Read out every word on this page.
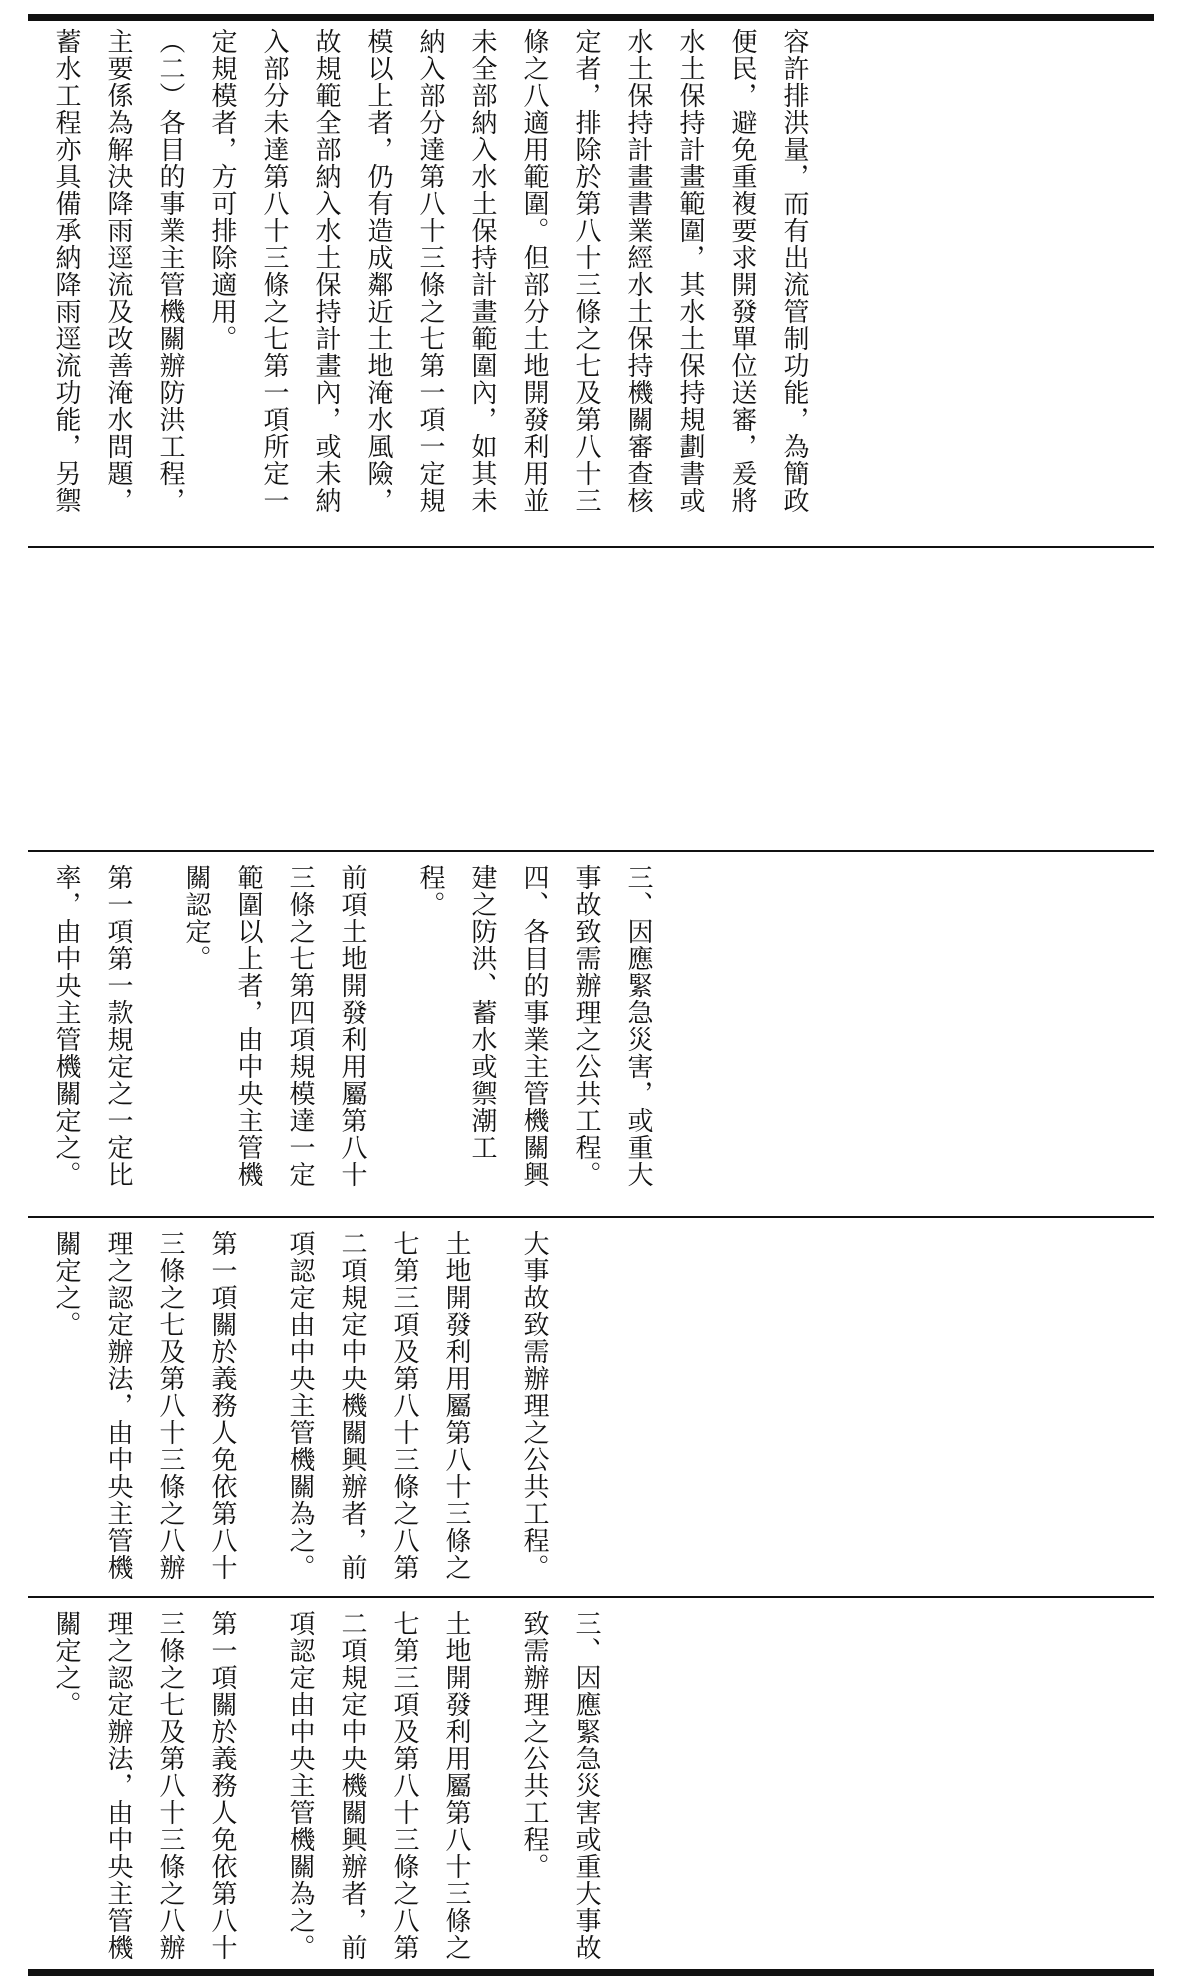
容許排洪量，而有出流管制功能，為簡政便民，避免重複要求開發單位送審，爰將水土保持計畫範圍，其水土保持規劃書或水土保持計畫書業經水土保持機關審查核定者，排除於第八十三條之七及第八十三條之八適用範圍。但部分土地開發利用並未全部納入水土保持計畫範圍內，如其未納入部分達第八十三條之七第一項一定規模以上者，仍有造成鄰近土地淹水風險，故規範全部納入水土保持計畫內，或未納入部分未達第八十三條之七第一項所定一定規模者，方可排除適用。

（二）各目的事業主管機關辦防洪工程，主要係為解決降雨逕流及改善淹水問題，蓄水工程亦具備承納降雨逕流功能，另禦

三、因應緊急災害，或重大事故致需辦理之公共工程。

四、各目的事業主管機關興建之防洪、蓄水或禦潮工程。

前項土地開發利用屬第八十三條之七第四項規模達一定範圍以上者，由中央主管機關認定。

第一項第一款規定之一定比率，由中央主管機關定之。

大事故致需辦理之公共工程。

土地開發利用屬第八十三條之七第三項及第八十三條之八第二項規定中央機關興辦者，前項認定由中央主管機關為之。

第一項關於義務人免依第八十三條之七及第八十三條之八辦理之認定辦法，由中央主管機關定之。

三、因應緊急災害或重大事故致需辦理之公共工程。

土地開發利用屬第八十三條之七第三項及第八十三條之八第二項規定中央機關興辦者，前項認定由中央主管機關為之。

第一項關於義務人免依第八十三條之七及第八十三條之八辦理之認定辦法，由中央主管機關定之。
